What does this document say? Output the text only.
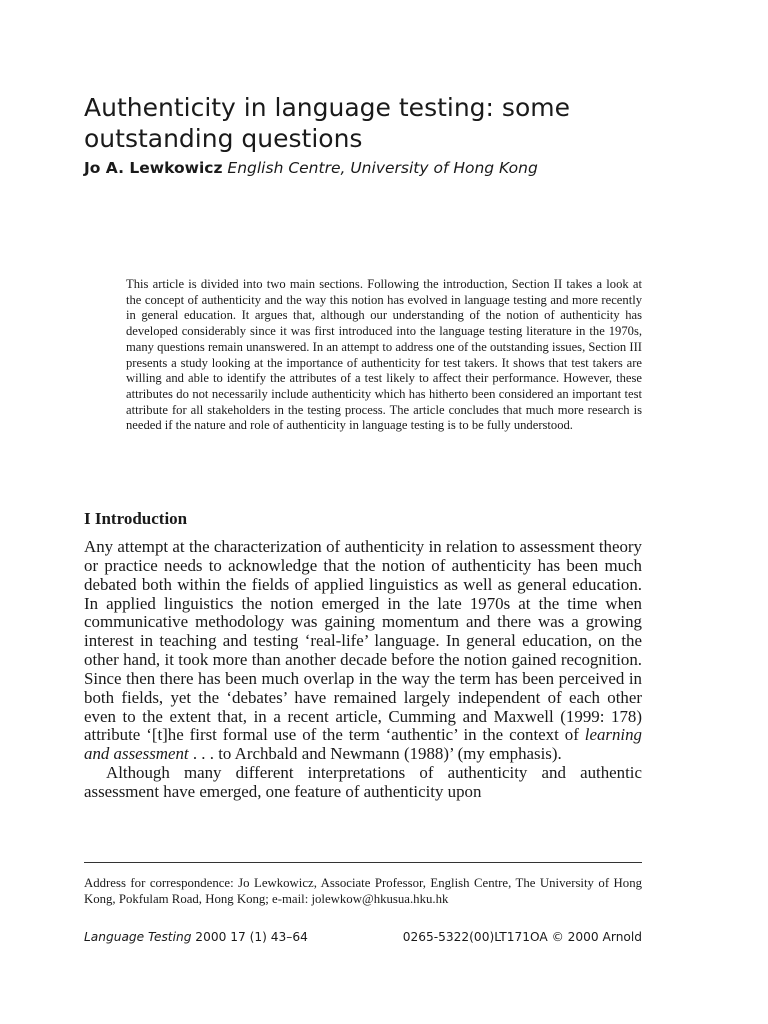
Authenticity in language testing: some outstanding questions
Jo A. Lewkowicz English Centre, University of Hong Kong

This article is divided into two main sections. Following the introduction, Section II takes a look at the concept of authenticity and the way this notion has evolved in language testing and more recently in general education. It argues that, although our understanding of the notion of authenticity has developed considerably since it was first introduced into the language testing literature in the 1970s, many questions remain unanswered. In an attempt to address one of the outstanding issues, Section III presents a study looking at the importance of authenticity for test takers. It shows that test takers are willing and able to identify the attributes of a test likely to affect their performance. However, these attributes do not necessarily include authenticity which has hitherto been considered an important test attribute for all stakeholders in the testing process. The article concludes that much more research is needed if the nature and role of authenticity in language testing is to be fully understood.

I Introduction

Any attempt at the characterization of authenticity in relation to assessment theory or practice needs to acknowledge that the notion of authenticity has been much debated both within the fields of applied linguistics as well as general education. In applied linguistics the notion emerged in the late 1970s at the time when communicative methodology was gaining momentum and there was a growing interest in teaching and testing ‘real-life’ language. In general education, on the other hand, it took more than another decade before the notion gained recognition. Since then there has been much overlap in the way the term has been perceived in both fields, yet the ‘debates’ have remained largely independent of each other even to the extent that, in a recent article, Cumming and Maxwell (1999: 178) attribute ‘[t]he first formal use of the term ‘authentic’ in the context of learning and assessment . . . to Archbald and Newmann (1988)’ (my emphasis).

Although many different interpretations of authenticity and authentic assessment have emerged, one feature of authenticity upon

Address for correspondence: Jo Lewkowicz, Associate Professor, English Centre, The University of Hong Kong, Pokfulam Road, Hong Kong; e-mail: jolewkow@hkusua.hku.hk

Language Testing 2000 17 (1) 43–64	0265-5322(00)LT171OA © 2000 Arnold
